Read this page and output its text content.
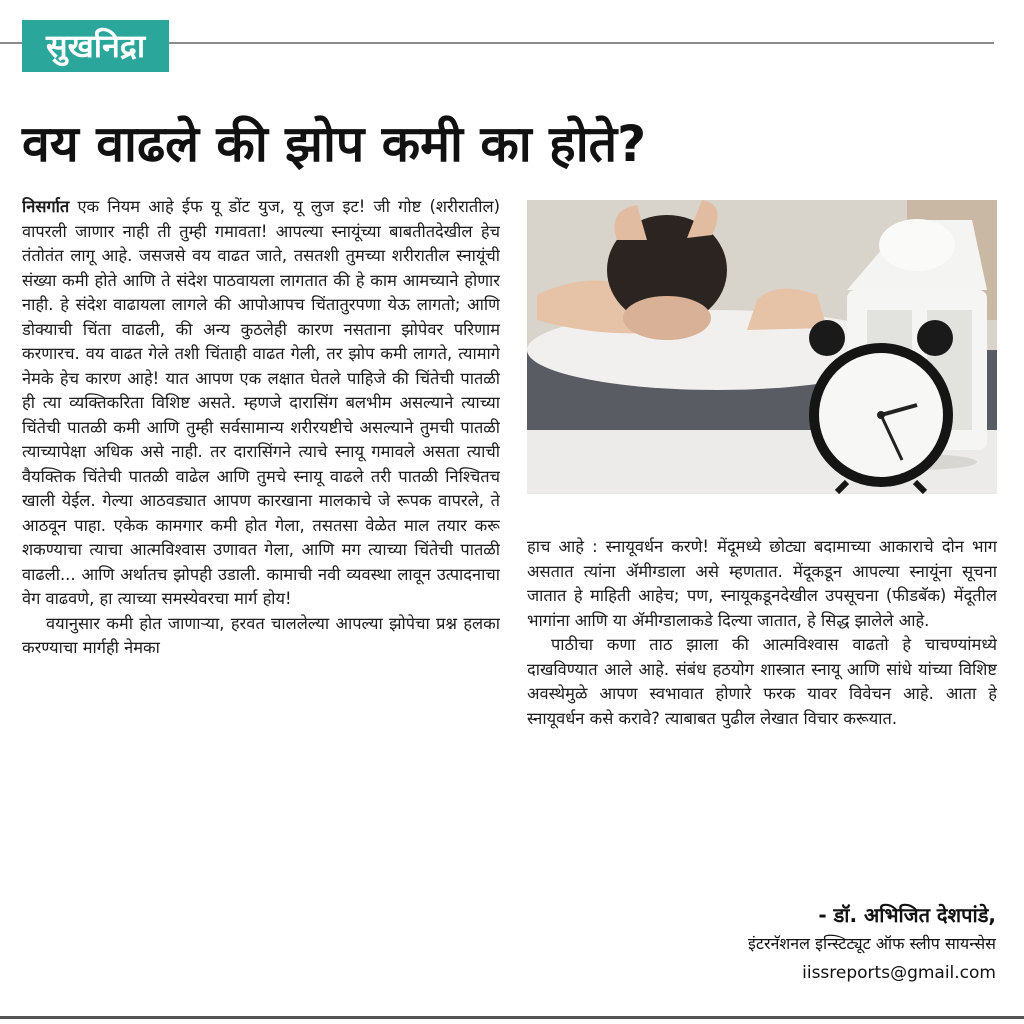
सुखनिद्रा
वय वाढले की झोप कमी का होते?

निसर्गात एक नियम आहे ईफ यू डोंट युज, यू लुज इट! जी गोष्ट (शरीरातील) वापरली जाणार नाही ती तुम्ही गमावता! आपल्या स्नायूंच्या बाबतीतदेखील हेच तंतोतंत लागू आहे. जसजसे वय वाढत जाते, तसतशी तुमच्या शरीरातील स्नायूंची संख्या कमी होते आणि ते संदेश पाठवायला लागतात की हे काम आमच्याने होणार नाही. हे संदेश वाढायला लागले की आपोआपच चिंतातुरपणा येऊ लागतो; आणि डोक्याची चिंता वाढली, की अन्य कुठलेही कारण नसताना झोपेवर परिणाम करणारच. वय वाढत गेले तशी चिंताही वाढत गेली, तर झोप कमी लागते, त्यामागे नेमके हेच कारण आहे! यात आपण एक लक्षात घेतले पाहिजे की चिंतेची पातळी ही त्या व्यक्तिकरिता विशिष्ट असते. म्हणजे दारासिंग बलभीम असल्याने त्याच्या चिंतेची पातळी कमी आणि तुम्ही सर्वसामान्य शरीरयष्टीचे असल्याने तुमची पातळी त्याच्यापेक्षा अधिक असे नाही. तर दारासिंगने त्याचे स्नायू गमावले असता त्याची वैयक्तिक चिंतेची पातळी वाढेल आणि तुमचे स्नायू वाढले तरी पातळी निश्चितच खाली येईल. गेल्या आठवड्यात आपण कारखाना मालकाचे जे रूपक वापरले, ते आठवून पाहा. एकेक कामगार कमी होत गेला, तसतसा वेळेत माल तयार करू शकण्याचा त्याचा आत्मविश्वास उणावत गेला, आणि मग त्याच्या चिंतेची पातळी वाढली... आणि अर्थातच झोपही उडाली. कामाची नवी व्यवस्था लावून उत्पादनाचा वेग वाढवणे, हा त्याच्या समस्येवरचा मार्ग होय!

वयानुसार कमी होत जाणाऱ्या, हरवत चाललेल्या आपल्या झोपेचा प्रश्न हलका करण्याचा मार्गही नेमका

हाच आहे : स्नायूवर्धन करणे! मेंदूमध्ये छोट्या बदामाच्या आकाराचे दोन भाग असतात त्यांना ॲमीग्डाला असे म्हणतात. मेंदूकडून आपल्या स्नायूंना सूचना जातात हे माहिती आहेच; पण, स्नायूकडूनदेखील उपसूचना (फीडबॅक) मेंदूतील भागांना आणि या ॲमीग्डालाकडे दिल्या जातात, हे सिद्ध झालेले आहे.

पाठीचा कणा ताठ झाला की आत्मविश्वास वाढतो हे चाचण्यांमध्ये दाखविण्यात आले आहे. संबंध हठयोग शास्त्रात स्नायू आणि सांधे यांच्या विशिष्ट अवस्थेमुळे आपण स्वभावात होणारे फरक यावर विवेचन आहे. आता हे स्नायूवर्धन कसे करावे? त्याबाबत पुढील लेखात विचार करूयात.

- डॉ. अभिजित देशपांडे,
इंटरनॅशनल इन्स्टिट्यूट ऑफ स्लीप सायन्सेस
iissreports@gmail.com
